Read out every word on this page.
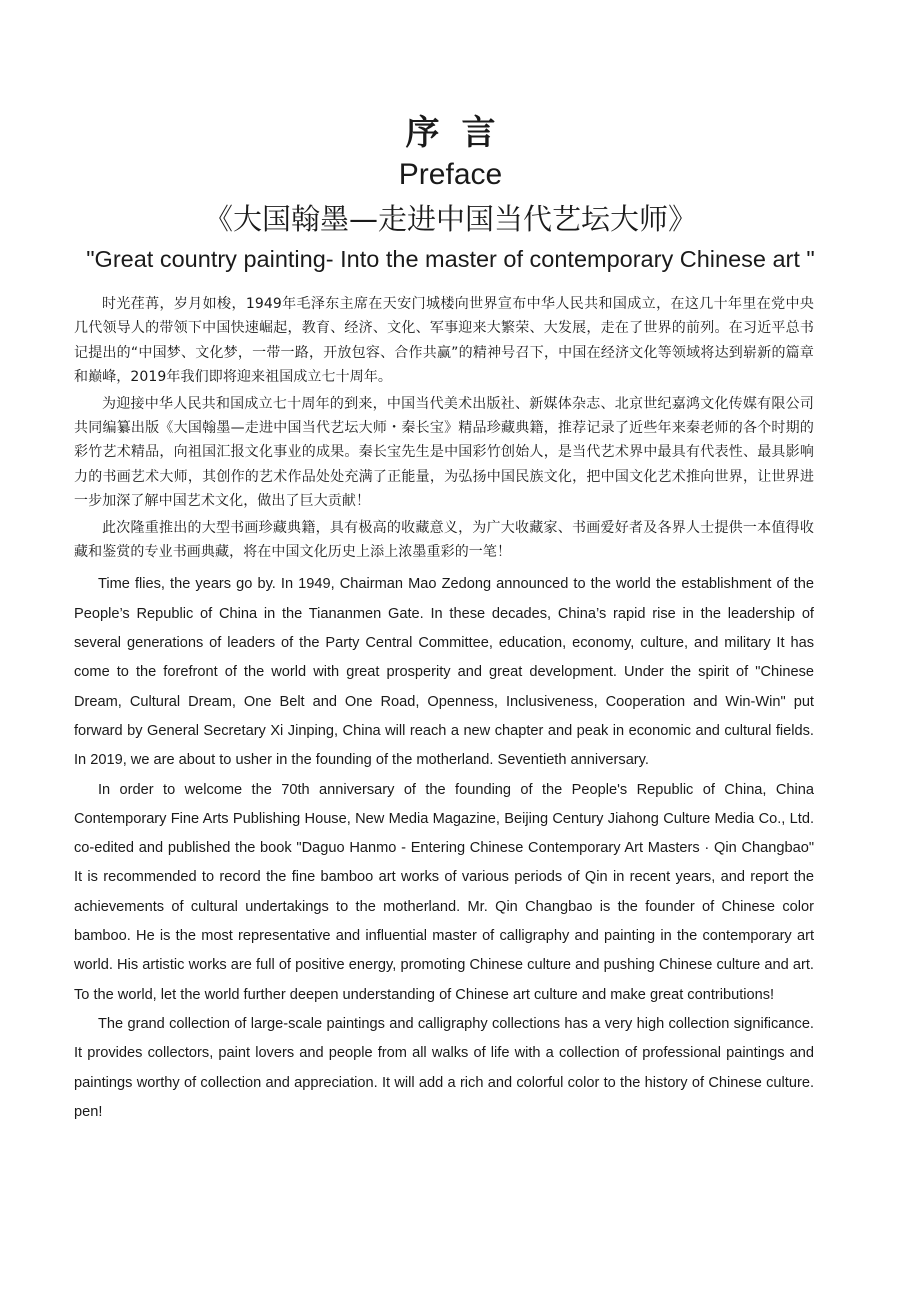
序言
Preface
《大国翰墨—走进中国当代艺坛大师》
"Great country painting- Into the master of contemporary Chinese art "

时光荏苒，岁月如梭，1949年毛泽东主席在天安门城楼向世界宣布中华人民共和国成立，在这几十年里在党中央几代领导人的带领下中国快速崛起，教育、经济、文化、军事迎来大繁荣、大发展，走在了世界的前列。在习近平总书记提出的“中国梦、文化梦，一带一路，开放包容、合作共赢”的精神号召下，中国在经济文化等领域将达到崭新的篇章和巅峰，2019年我们即将迎来祖国成立七十周年。

为迎接中华人民共和国成立七十周年的到来，中国当代美术出版社、新媒体杂志、北京世纪嘉鸿文化传媒有限公司共同编纂出版《大国翰墨—走进中国当代艺坛大师・秦长宝》精品珍藏典籍，推荐记录了近些年来秦老师的各个时期的彩竹艺术精品，向祖国汇报文化事业的成果。秦长宝先生是中国彩竹创始人，是当代艺术界中最具有代表性、最具影响力的书画艺术大师，其创作的艺术作品处处充满了正能量，为弘扬中国民族文化，把中国文化艺术推向世界，让世界进一步加深了解中国艺术文化，做出了巨大贡献！

此次隆重推出的大型书画珍藏典籍，具有极高的收藏意义，为广大收藏家、书画爱好者及各界人士提供一本值得收藏和鉴赏的专业书画典藏，将在中国文化历史上添上浓墨重彩的一笔！

Time flies, the years go by. In 1949, Chairman Mao Zedong announced to the world the establishment of the People’s Republic of China in the Tiananmen Gate. In these decades, China’s rapid rise in the leadership of several generations of leaders of the Party Central Committee, education, economy, culture, and military It has come to the forefront of the world with great prosperity and great development. Under the spirit of "Chinese Dream, Cultural Dream, One Belt and One Road, Openness, Inclusiveness, Cooperation and Win-Win" put forward by General Secretary Xi Jinping, China will reach a new chapter and peak in economic and cultural fields. In 2019, we are about to usher in the founding of the motherland. Seventieth anniversary.

In order to welcome the 70th anniversary of the founding of the People's Republic of China, China Contemporary Fine Arts Publishing House, New Media Magazine, Beijing Century Jiahong Culture Media Co., Ltd. co-edited and published the book "Daguo Hanmo - Entering Chinese Contemporary Art Masters · Qin Changbao" It is recommended to record the fine bamboo art works of various periods of Qin in recent years, and report the achievements of cultural undertakings to the motherland. Mr. Qin Changbao is the founder of Chinese color bamboo. He is the most representative and influential master of calligraphy and painting in the contemporary art world. His artistic works are full of positive energy, promoting Chinese culture and pushing Chinese culture and art. To the world, let the world further deepen understanding of Chinese art culture and make great contributions!

The grand collection of large-scale paintings and calligraphy collections has a very high collection significance. It provides collectors, paint lovers and people from all walks of life with a collection of professional paintings and paintings worthy of collection and appreciation. It will add a rich and colorful color to the history of Chinese culture. pen!
